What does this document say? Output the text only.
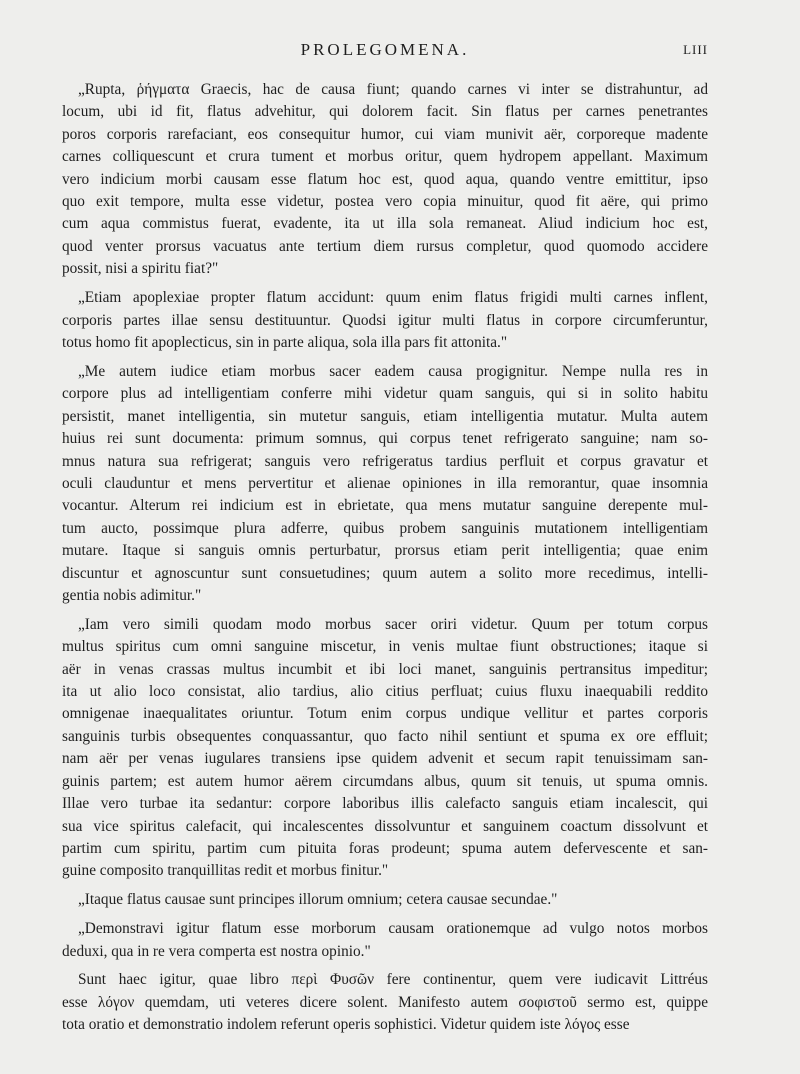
PROLEGOMENA.	LIII

„Rupta, ῥήγματα Graecis, hac de causa fiunt; quando carnes vi inter se distrahuntur, ad
locum, ubi id fit, flatus advehitur, qui dolorem facit. Sin flatus per carnes penetrantes
poros corporis rarefaciant, eos consequitur humor, cui viam munivit aër, corporeque madente
carnes colliquescunt et crura tument et morbus oritur, quem hydropem appellant. Maximum
vero indicium morbi causam esse flatum hoc est, quod aqua, quando ventre emittitur, ipso
quo exit tempore, multa esse videtur, postea vero copia minuitur, quod fit aëre, qui primo
cum aqua commistus fuerat, evadente, ita ut illa sola remaneat. Aliud indicium hoc est,
quod venter prorsus vacuatus ante tertium diem rursus completur, quod quomodo accidere
possit, nisi a spiritu fiat?"

„Etiam apoplexiae propter flatum accidunt: quum enim flatus frigidi multi carnes inflent,
corporis partes illae sensu destituuntur. Quodsi igitur multi flatus in corpore circumferuntur,
totus homo fit apoplecticus, sin in parte aliqua, sola illa pars fit attonita."

„Me autem iudice etiam morbus sacer eadem causa progignitur. Nempe nulla res in
corpore plus ad intelligentiam conferre mihi videtur quam sanguis, qui si in solito habitu
persistit, manet intelligentia, sin mutetur sanguis, etiam intelligentia mutatur. Multa autem
huius rei sunt documenta: primum somnus, qui corpus tenet refrigerato sanguine; nam so-
mnus natura sua refrigerat; sanguis vero refrigeratus tardius perfluit et corpus gravatur et
oculi clauduntur et mens pervertitur et alienae opiniones in illa remorantur, quae insomnia
vocantur. Alterum rei indicium est in ebrietate, qua mens mutatur sanguine derepente mul-
tum aucto, possimque plura adferre, quibus probem sanguinis mutationem intelligentiam
mutare. Itaque si sanguis omnis perturbatur, prorsus etiam perit intelligentia; quae enim
discuntur et agnoscuntur sunt consuetudines; quum autem a solito more recedimus, intelli-
gentia nobis adimitur."

„Iam vero simili quodam modo morbus sacer oriri videtur. Quum per totum corpus
multus spiritus cum omni sanguine miscetur, in venis multae fiunt obstructiones; itaque si
aër in venas crassas multus incumbit et ibi loci manet, sanguinis pertransitus impeditur;
ita ut alio loco consistat, alio tardius, alio citius perfluat; cuius fluxu inaequabili reddito
omnigenae inaequalitates oriuntur. Totum enim corpus undique vellitur et partes corporis
sanguinis turbis obsequentes conquassantur, quo facto nihil sentiunt et spuma ex ore effluit;
nam aër per venas iugulares transiens ipse quidem advenit et secum rapit tenuissimam san-
guinis partem; est autem humor aërem circumdans albus, quum sit tenuis, ut spuma omnis.
Illae vero turbae ita sedantur: corpore laboribus illis calefacto sanguis etiam incalescit, qui
sua vice spiritus calefacit, qui incalescentes dissolvuntur et sanguinem coactum dissolvunt et
partim cum spiritu, partim cum pituita foras prodeunt; spuma autem defervescente et san-
guine composito tranquillitas redit et morbus finitur."

„Itaque flatus causae sunt principes illorum omnium; cetera causae secundae."

„Demonstravi igitur flatum esse morborum causam orationemque ad vulgo notos morbos
deduxi, qua in re vera comperta est nostra opinio."

Sunt haec igitur, quae libro περὶ Φυσῶν fere continentur, quem vere iudicavit Littréus
esse λόγον quemdam, uti veteres dicere solent. Manifesto autem σοφιστοῦ sermo est, quippe
tota oratio et demonstratio indolem referunt operis sophistici. Videtur quidem iste λόγος esse
